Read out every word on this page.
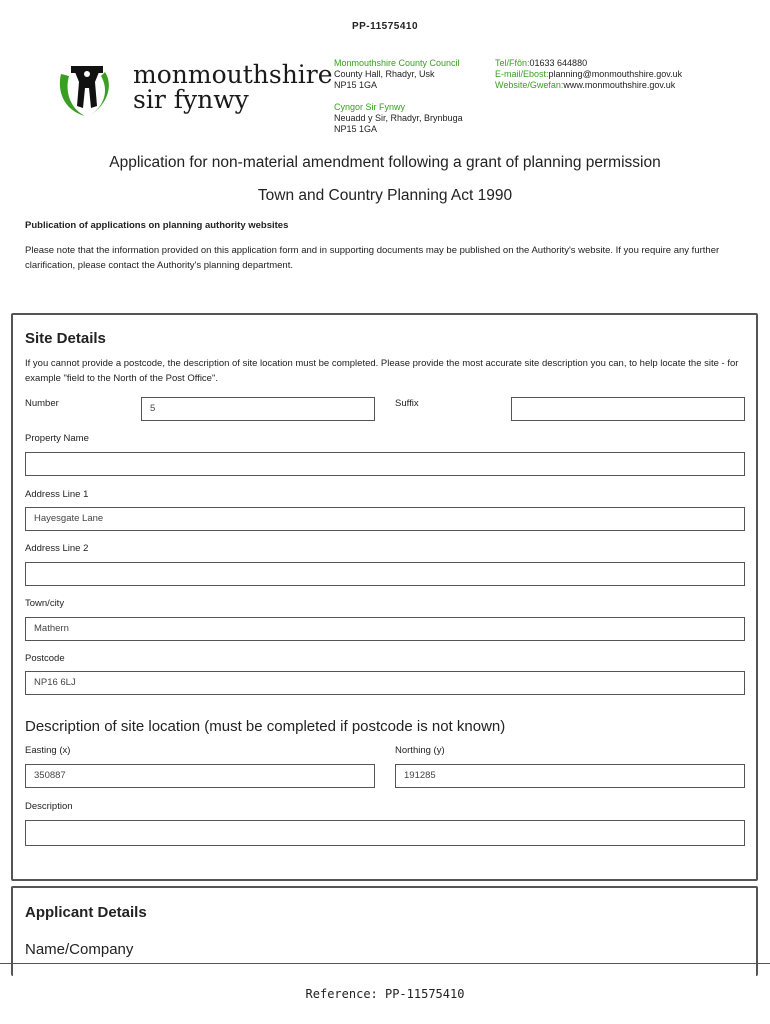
PP-11575410
monmouthshire
sir fynwy
Monmouthshire County Council
County Hall, Rhadyr, Usk
NP15 1GA
Cyngor Sir Fynwy
Neuadd y Sir, Rhadyr, Brynbuga
NP15 1GA
Tel/Ffôn:01633 644880
E-mail/Ebost:planning@monmouthshire.gov.uk
Website/Gwefan:www.monmouthshire.gov.uk
Application for non-material amendment following a grant of planning permission
Town and Country Planning Act 1990
Publication of applications on planning authority websites
Please note that the information provided on this application form and in supporting documents may be published on the Authority's website. If you require any further clarification, please contact the Authority's planning department.
Site Details
If you cannot provide a postcode, the description of site location must be completed. Please provide the most accurate site description you can, to help locate the site - for example "field to the North of the Post Office".
Number	5	Suffix
Property Name
Address Line 1
Hayesgate Lane
Address Line 2
Town/city
Mathern
Postcode
NP16 6LJ
Description of site location (must be completed if postcode is not known)
Easting (x)
350887
Northing (y)
191285
Description
Applicant Details
Name/Company
Reference: PP-11575410
